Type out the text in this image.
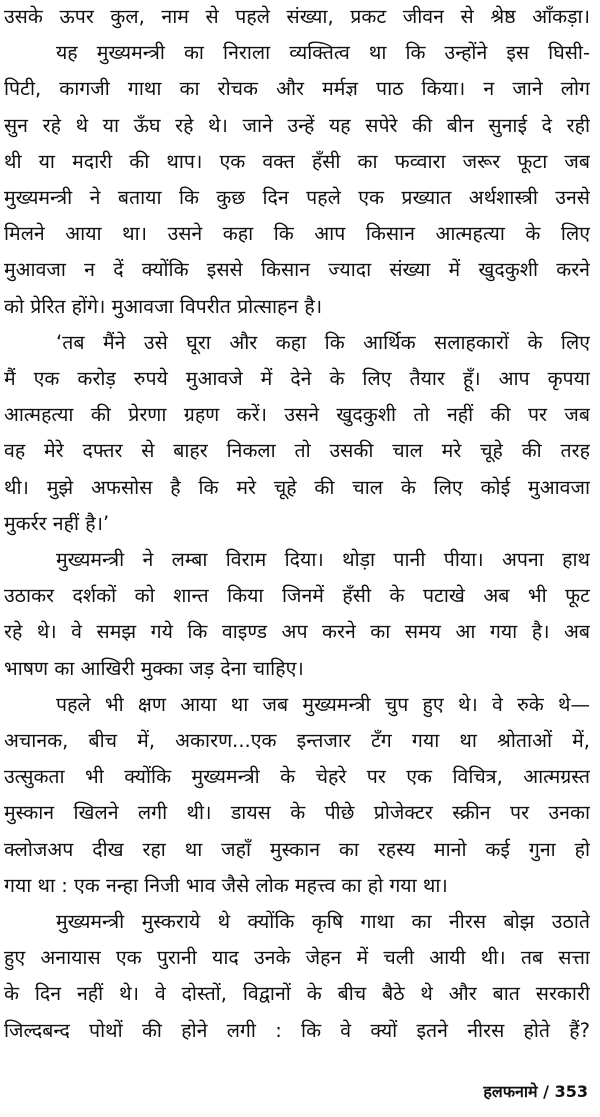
उसके ऊपर कुल, नाम से पहले संख्या, प्रकट जीवन से श्रेष्ठ आँकड़ा।
यह मुख्यमन्त्री का निराला व्यक्तित्व था कि उन्होंने इस घिसी-
पिटी, कागजी गाथा का रोचक और मर्मज्ञ पाठ किया। न जाने लोग
सुन रहे थे या ऊँघ रहे थे। जाने उन्हें यह सपेरे की बीन सुनाई दे रही
थी या मदारी की थाप। एक वक्त हँसी का फव्वारा जरूर फूटा जब
मुख्यमन्त्री ने बताया कि कुछ दिन पहले एक प्रख्यात अर्थशास्त्री उनसे
मिलने आया था। उसने कहा कि आप किसान आत्महत्या के लिए
मुआवजा न दें क्योंकि इससे किसान ज्यादा संख्या में खुदकुशी करने
को प्रेरित होंगे। मुआवजा विपरीत प्रोत्साहन है।
‘तब मैंने उसे घूरा और कहा कि आर्थिक सलाहकारों के लिए
मैं एक करोड़ रुपये मुआवजे में देने के लिए तैयार हूँ। आप कृपया
आत्महत्या की प्रेरणा ग्रहण करें। उसने खुदकुशी तो नहीं की पर जब
वह मेरे दफ्तर से बाहर निकला तो उसकी चाल मरे चूहे की तरह
थी। मुझे अफसोस है कि मरे चूहे की चाल के लिए कोई मुआवजा
मुकर्रर नहीं है।’
मुख्यमन्त्री ने लम्बा विराम दिया। थोड़ा पानी पीया। अपना हाथ
उठाकर दर्शकों को शान्त किया जिनमें हँसी के पटाखे अब भी फूट
रहे थे। वे समझ गये कि वाइण्ड अप करने का समय आ गया है। अब
भाषण का आखिरी मुक्का जड़ देना चाहिए।
पहले भी क्षण आया था जब मुख्यमन्त्री चुप हुए थे। वे रुके थे—
अचानक, बीच में, अकारण...एक इन्तजार टँग गया था श्रोताओं में,
उत्सुकता भी क्योंकि मुख्यमन्त्री के चेहरे पर एक विचित्र, आत्मग्रस्त
मुस्कान खिलने लगी थी। डायस के पीछे प्रोजेक्टर स्क्रीन पर उनका
क्लोजअप दीख रहा था जहाँ मुस्कान का रहस्य मानो कई गुना हो
गया था : एक नन्हा निजी भाव जैसे लोक महत्त्व का हो गया था।
मुख्यमन्त्री मुस्कराये थे क्योंकि कृषि गाथा का नीरस बोझ उठाते
हुए अनायास एक पुरानी याद उनके जेहन में चली आयी थी। तब सत्ता
के दिन नहीं थे। वे दोस्तों, विद्वानों के बीच बैठे थे और बात सरकारी
जिल्दबन्द पोथों की होने लगी : कि वे क्यों इतने नीरस होते हैं?
हलफनामे / 353
